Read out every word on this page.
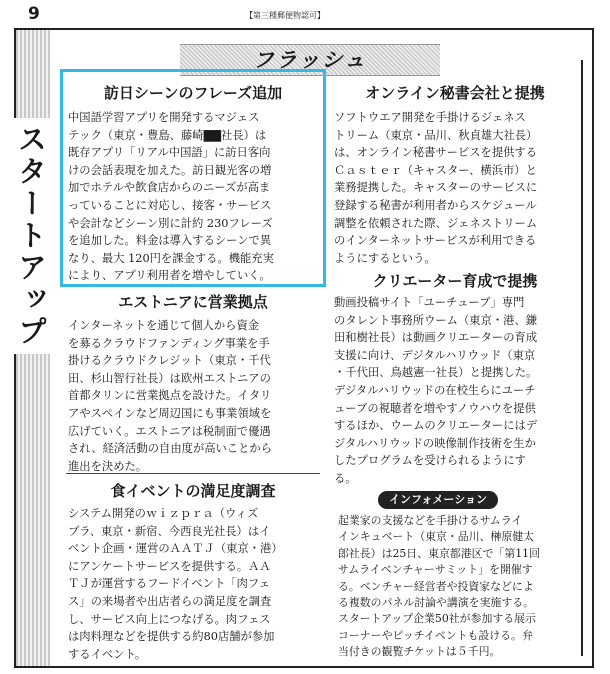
9	【第三種郵便物認可】
スタートアップ
フラッシュ
訪日シーンのフレーズ追加
中国語学習アプリを開発するマジェス
テック（東京・豊島、藤崎▇▇社長）は
既存アプリ「リアル中国語」に訪日客向
けの会話表現を加えた。訪日観光客の増
加でホテルや飲食店からのニーズが高ま
っていることに対応し、接客・サービス
や会計などシーン別に計約 230フレーズ
を追加した。料金は導入するシーンで異
なり、最大 120円を課金する。機能充実
により、アプリ利用者を増やしていく。
エストニアに営業拠点
インターネットを通じて個人から資金
を募るクラウドファンディング事業を手
掛けるクラウドクレジット（東京・千代
田、杉山智行社長）は欧州エストニアの
首都タリンに営業拠点を設けた。イタリ
アやスペインなど周辺国にも事業領域を
広げていく。エストニアは税制面で優遇
され、経済活動の自由度が高いことから
進出を決めた。
食イベントの満足度調査
システム開発のｗｉｚｐｒａ（ウィズ
プラ、東京・新宿、今西良光社長）はイ
ベント企画・運営のＡＡＴＪ（東京・港）
にアンケートサービスを提供する。ＡＡ
ＴＪが運営するフードイベント「肉フェ
ス」の来場者や出店者らの満足度を調査
し、サービス向上につなげる。肉フェス
は肉料理などを提供する約80店舗が参加
するイベント。
オンライン秘書会社と提携
ソフトウエア開発を手掛けるジェネス
トリーム（東京・品川、秋貞雄大社長）
は、オンライン秘書サービスを提供する
Ｃａｓｔｅｒ（キャスター、横浜市）と
業務提携した。キャスターのサービスに
登録する秘書が利用者からスケジュール
調整を依頼された際、ジェネストリーム
のインターネットサービスが利用できる
ようにするという。
クリエーター育成で提携
動画投稿サイト「ユーチューブ」専門
のタレント事務所ウーム（東京・港、鎌
田和樹社長）は動画クリエーターの育成
支援に向け、デジタルハリウッド（東京
・千代田、鳥越憲一社長）と提携した。
デジタルハリウッドの在校生らにユーチ
ューブの視聴者を増やすノウハウを提供
するほか、ウームのクリエーターにはデ
ジタルハリウッドの映像制作技術を生か
したプログラムを受けられるようにす
る。
インフォメーション
起業家の支援などを手掛けるサムライ
インキュベート（東京・品川、榊原健太
郎社長）は25日、東京都港区で「第11回
サムライベンチャーサミット」を開催す
る。ベンチャー経営者や投資家などによ
る複数のパネル討論や講演を実施する。
スタートアップ企業50社が参加する展示
コーナーやピッチイベントも設ける。弁
当付きの観覧チケットは５千円。
